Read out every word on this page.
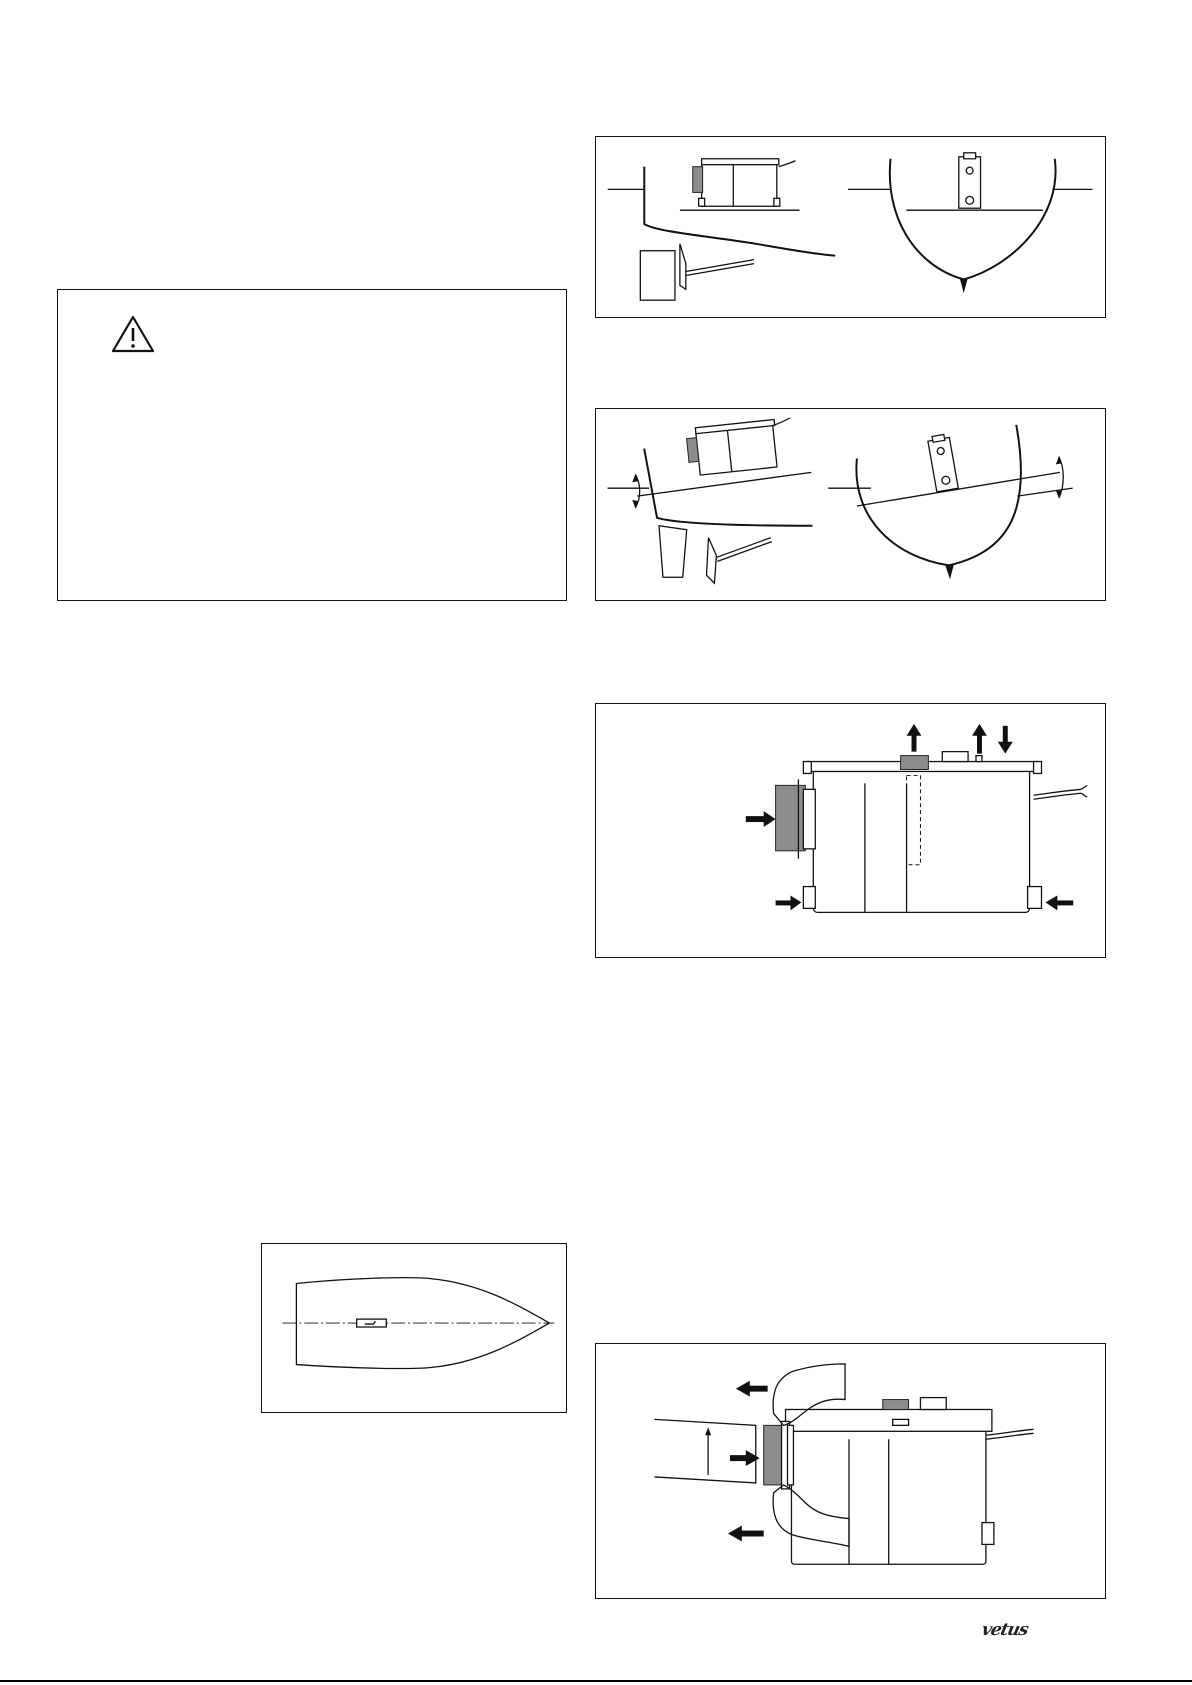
vetus
